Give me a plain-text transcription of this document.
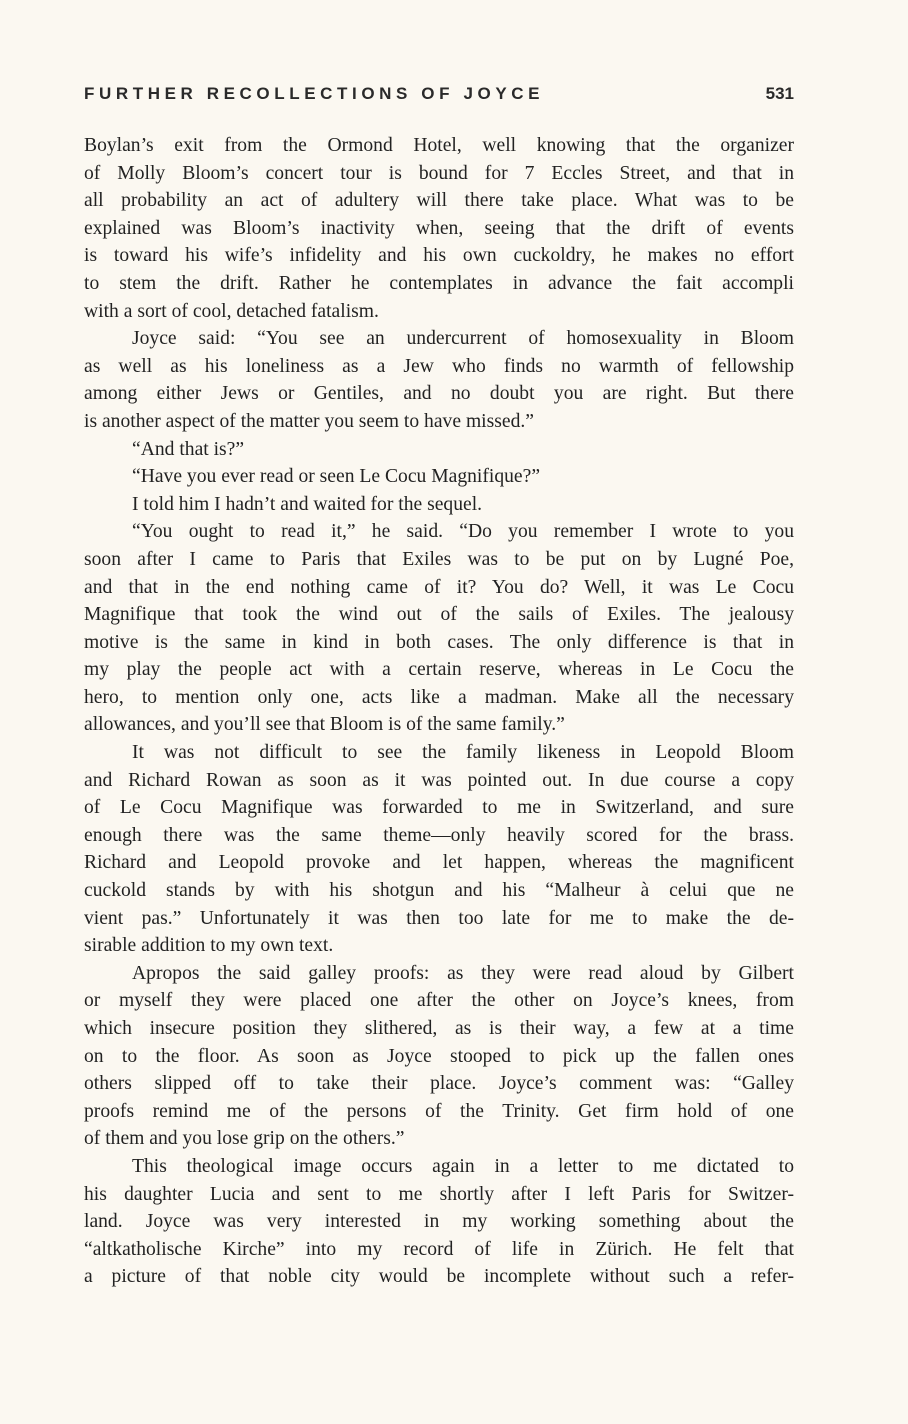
FURTHER RECOLLECTIONS OF JOYCE	531
Boylan’s exit from the Ormond Hotel, well knowing that the organizer
of Molly Bloom’s concert tour is bound for 7 Eccles Street, and that in
all probability an act of adultery will there take place. What was to be
explained was Bloom’s inactivity when, seeing that the drift of events
is toward his wife’s infidelity and his own cuckoldry, he makes no effort
to stem the drift. Rather he contemplates in advance the fait accompli
with a sort of cool, detached fatalism.
Joyce said: “You see an undercurrent of homosexuality in Bloom
as well as his loneliness as a Jew who finds no warmth of fellowship
among either Jews or Gentiles, and no doubt you are right. But there
is another aspect of the matter you seem to have missed.”
“And that is?”
“Have you ever read or seen Le Cocu Magnifique?”
I told him I hadn’t and waited for the sequel.
“You ought to read it,” he said. “Do you remember I wrote to you
soon after I came to Paris that Exiles was to be put on by Lugné Poe,
and that in the end nothing came of it? You do? Well, it was Le Cocu
Magnifique that took the wind out of the sails of Exiles. The jealousy
motive is the same in kind in both cases. The only difference is that in
my play the people act with a certain reserve, whereas in Le Cocu the
hero, to mention only one, acts like a madman. Make all the necessary
allowances, and you’ll see that Bloom is of the same family.”
It was not difficult to see the family likeness in Leopold Bloom
and Richard Rowan as soon as it was pointed out. In due course a copy
of Le Cocu Magnifique was forwarded to me in Switzerland, and sure
enough there was the same theme—only heavily scored for the brass.
Richard and Leopold provoke and let happen, whereas the magnificent
cuckold stands by with his shotgun and his “Malheur à celui que ne
vient pas.” Unfortunately it was then too late for me to make the de-
sirable addition to my own text.
Apropos the said galley proofs: as they were read aloud by Gilbert
or myself they were placed one after the other on Joyce’s knees, from
which insecure position they slithered, as is their way, a few at a time
on to the floor. As soon as Joyce stooped to pick up the fallen ones
others slipped off to take their place. Joyce’s comment was: “Galley
proofs remind me of the persons of the Trinity. Get firm hold of one
of them and you lose grip on the others.”
This theological image occurs again in a letter to me dictated to
his daughter Lucia and sent to me shortly after I left Paris for Switzer-
land. Joyce was very interested in my working something about the
“altkatholische Kirche” into my record of life in Zürich. He felt that
a picture of that noble city would be incomplete without such a refer-
